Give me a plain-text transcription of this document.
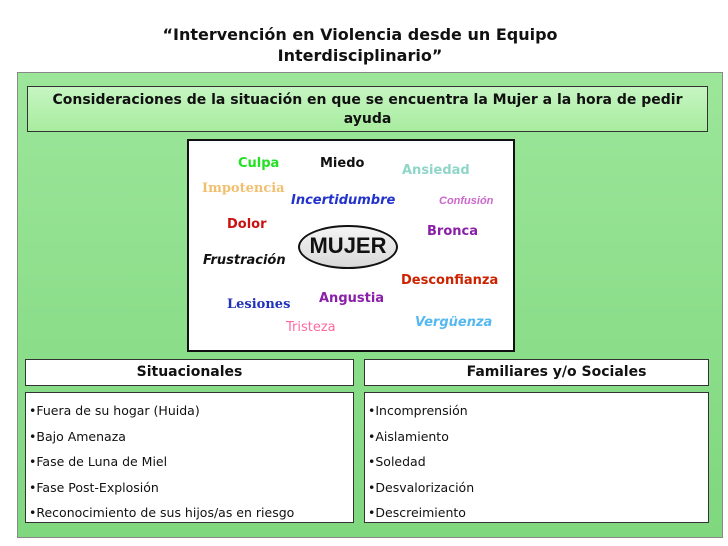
“Intervención en Violencia desde un Equipo Interdisciplinario”
Consideraciones de la situación en que se encuentra la Mujer a la hora de pedir ayuda
Culpa	Miedo	Ansiedad
Impotencia
Incertidumbre	Confusión
Dolor	Bronca
Frustración
Desconfianza
Lesiones Angustia
Tristeza	Vergüenza
MUJER
Situacionales	Familiares y/o Sociales
•Fuera de su hogar (Huida)
•Bajo Amenaza
•Fase de Luna de Miel
•Fase Post-Explosión
•Reconocimiento de sus hijos/as en riesgo
•Incomprensión
•Aislamiento
•Soledad
•Desvalorización
•Descreimiento
